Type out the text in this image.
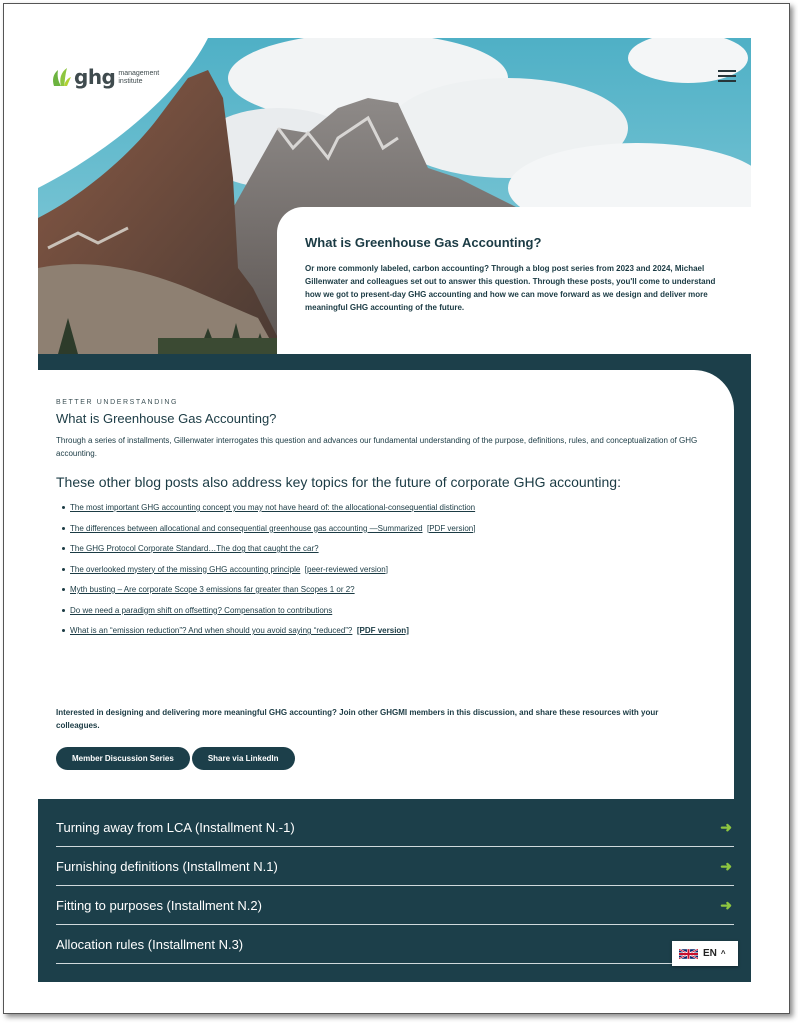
ghg management
institute
What is Greenhouse Gas Accounting?
Or more commonly labeled, carbon accounting? Through a blog post series from 2023 and 2024, Michael Gillenwater and colleagues set out to answer this question. Through these posts, you'll come to understand how we got to present-day GHG accounting and how we can move forward as we design and deliver more meaningful GHG accounting of the future.
BETTER UNDERSTANDING
What is Greenhouse Gas Accounting?
Through a series of installments, Gillenwater interrogates this question and advances our fundamental understanding of the purpose, definitions, rules, and conceptualization of GHG accounting.
These other blog posts also address key topics for the future of corporate GHG accounting:
The most important GHG accounting concept you may not have heard of: the allocational-consequential distinction
The differences between allocational and consequential greenhouse gas accounting —Summarized [PDF version]
The GHG Protocol Corporate Standard…The dog that caught the car?
The overlooked mystery of the missing GHG accounting principle [peer-reviewed version]
Myth busting – Are corporate Scope 3 emissions far greater than Scopes 1 or 2?
Do we need a paradigm shift on offsetting? Compensation to contributions
What is an “emission reduction”? And when should you avoid saying “reduced”? [PDF version]
Interested in designing and delivering more meaningful GHG accounting? Join other GHGMI members in this discussion, and share these resources with your colleagues.
Member Discussion Series	Share via LinkedIn
Turning away from LCA (Installment N.-1)	➜
Furnishing definitions (Installment N.1)	➜
Fitting to purposes (Installment N.2)	➜
Allocation rules (Installment N.3)
EN ^
